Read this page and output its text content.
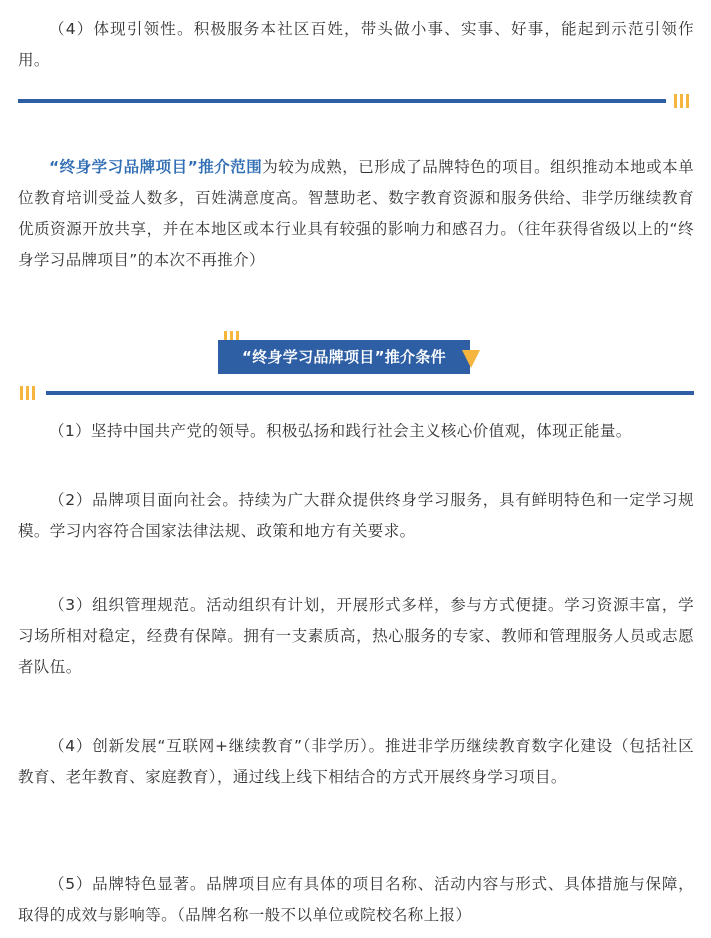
（4）体现引领性。积极服务本社区百姓，带头做小事、实事、好事，能起到示范引领作用。

“终身学习品牌项目”推介范围为较为成熟，已形成了品牌特色的项目。组织推动本地或本单位教育培训受益人数多，百姓满意度高。智慧助老、数字教育资源和服务供给、非学历继续教育优质资源开放共享，并在本地区或本行业具有较强的影响力和感召力。（往年获得省级以上的“终身学习品牌项目”的本次不再推介）

“终身学习品牌项目”推介条件

（1）坚持中国共产党的领导。积极弘扬和践行社会主义核心价值观，体现正能量。

（2）品牌项目面向社会。持续为广大群众提供终身学习服务，具有鲜明特色和一定学习规模。学习内容符合国家法律法规、政策和地方有关要求。

（3）组织管理规范。活动组织有计划，开展形式多样，参与方式便捷。学习资源丰富，学习场所相对稳定，经费有保障。拥有一支素质高，热心服务的专家、教师和管理服务人员或志愿者队伍。

（4）创新发展“互联网+继续教育”（非学历）。推进非学历继续教育数字化建设（包括社区教育、老年教育、家庭教育），通过线上线下相结合的方式开展终身学习项目。

（5）品牌特色显著。品牌项目应有具体的项目名称、活动内容与形式、具体措施与保障，取得的成效与影响等。（品牌名称一般不以单位或院校名称上报）
